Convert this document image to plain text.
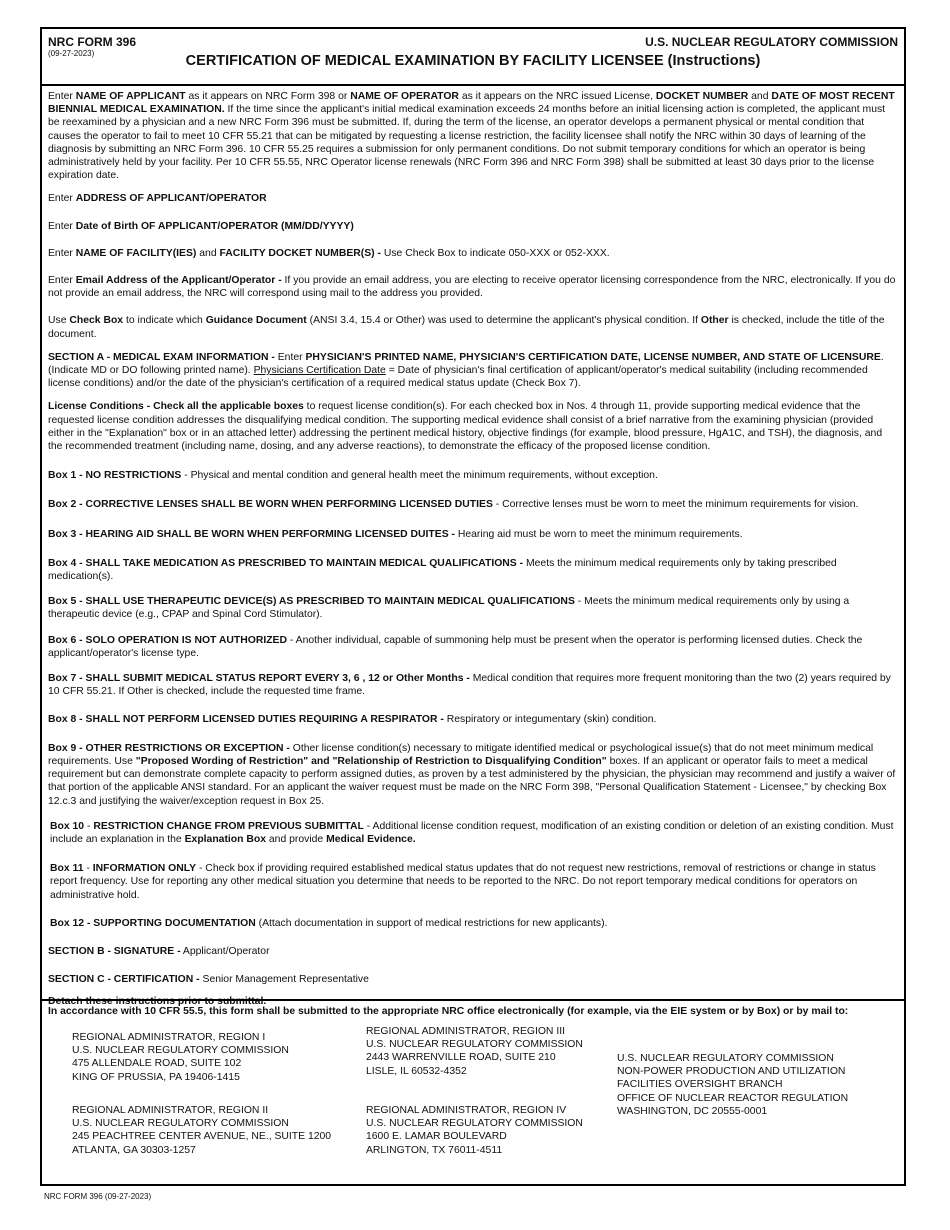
NRC FORM 396
(09-27-2023)
U.S. NUCLEAR REGULATORY COMMISSION
CERTIFICATION OF MEDICAL EXAMINATION BY FACILITY LICENSEE (Instructions)

Enter NAME OF APPLICANT as it appears on NRC Form 398 or NAME OF OPERATOR as it appears on the NRC issued License, DOCKET NUMBER and DATE OF MOST RECENT BIENNIAL MEDICAL EXAMINATION. If the time since the applicant's initial medical examination exceeds 24 months before an initial licensing action is completed, the applicant must be reexamined by a physician and a new NRC Form 396 must be submitted. If, during the term of the license, an operator develops a permanent physical or mental condition that causes the operator to fail to meet 10 CFR 55.21 that can be mitigated by requesting a license restriction, the facility licensee shall notify the NRC within 30 days of learning of the diagnosis by submitting an NRC Form 396. 10 CFR 55.25 requires a submission for only permanent conditions. Do not submit temporary conditions for which an operator is being administratively held by your facility. Per 10 CFR 55.55, NRC Operator license renewals (NRC Form 396 and NRC Form 398) shall be submitted at least 30 days prior to the license expiration date.

Enter ADDRESS OF APPLICANT/OPERATOR

Enter Date of Birth OF APPLICANT/OPERATOR (MM/DD/YYYY)

Enter NAME OF FACILITY(IES) and FACILITY DOCKET NUMBER(S) - Use Check Box to indicate 050-XXX or 052-XXX.

Enter Email Address of the Applicant/Operator - If you provide an email address, you are electing to receive operator licensing correspondence from the NRC, electronically. If you do not provide an email address, the NRC will correspond using mail to the address you provided.

Use Check Box to indicate which Guidance Document (ANSI 3.4, 15.4 or Other) was used to determine the applicant's physical condition. If Other is checked, include the title of the document.

SECTION A - MEDICAL EXAM INFORMATION - Enter PHYSICIAN'S PRINTED NAME, PHYSICIAN'S CERTIFICATION DATE, LICENSE NUMBER, AND STATE OF LICENSURE. (Indicate MD or DO following printed name). Physicians Certification Date = Date of physician's final certification of applicant/operator's medical suitability (including recommended license conditions) and/or the date of the physician's certification of a required medical status update (Check Box 7).

License Conditions - Check all the applicable boxes to request license condition(s). For each checked box in Nos. 4 through 11, provide supporting medical evidence that the requested license condition addresses the disqualifying medical condition. The supporting medical evidence shall consist of a brief narrative from the examining physician (provided either in the "Explanation" box or in an attached letter) addressing the pertinent medical history, objective findings (for example, blood pressure, HgA1C, and TSH), the diagnosis, and the recommended treatment (including name, dosing, and any adverse reactions), to demonstrate the efficacy of the proposed license condition.

Box 1 - NO RESTRICTIONS - Physical and mental condition and general health meet the minimum requirements, without exception.

Box 2 - CORRECTIVE LENSES SHALL BE WORN WHEN PERFORMING LICENSED DUTIES - Corrective lenses must be worn to meet the minimum requirements for vision.

Box 3 - HEARING AID SHALL BE WORN WHEN PERFORMING LICENSED DUITES - Hearing aid must be worn to meet the minimum requirements.

Box 4 - SHALL TAKE MEDICATION AS PRESCRIBED TO MAINTAIN MEDICAL QUALIFICATIONS - Meets the minimum medical requirements only by taking prescribed medication(s).

Box 5 - SHALL USE THERAPEUTIC DEVICE(S) AS PRESCRIBED TO MAINTAIN MEDICAL QUALIFICATIONS - Meets the minimum medical requirements only by using a therapeutic device (e.g., CPAP and Spinal Cord Stimulator).

Box 6 - SOLO OPERATION IS NOT AUTHORIZED - Another individual, capable of summoning help must be present when the operator is performing licensed duties. Check the applicant/operator's license type.

Box 7 - SHALL SUBMIT MEDICAL STATUS REPORT EVERY 3, 6 , 12 or Other Months - Medical condition that requires more frequent monitoring than the two (2) years required by 10 CFR 55.21. If Other is checked, include the requested time frame.

Box 8 - SHALL NOT PERFORM LICENSED DUTIES REQUIRING A RESPIRATOR - Respiratory or integumentary (skin) condition.

Box 9 - OTHER RESTRICTIONS OR EXCEPTION - Other license condition(s) necessary to mitigate identified medical or psychological issue(s) that do not meet minimum medical requirements. Use "Proposed Wording of Restriction" and "Relationship of Restriction to Disqualifying Condition" boxes. If an applicant or operator fails to meet a medical requirement but can demonstrate complete capacity to perform assigned duties, as proven by a test administered by the physician, the physician may recommend and justify a waiver of that portion of the applicable ANSI standard. For an applicant the waiver request must be made on the NRC Form 398, "Personal Qualification Statement - Licensee," by checking Box 12.c.3 and justifying the waiver/exception request in Box 25.

Box 10 - RESTRICTION CHANGE FROM PREVIOUS SUBMITTAL - Additional license condition request, modification of an existing condition or deletion of an existing condition. Must include an explanation in the Explanation Box and provide Medical Evidence.

Box 11 - INFORMATION ONLY - Check box if providing required established medical status updates that do not request new restrictions, removal of restrictions or change in status report frequency. Use for reporting any other medical situation you determine that needs to be reported to the NRC. Do not report temporary medical conditions for operators on administrative hold.

Box 12 - SUPPORTING DOCUMENTATION (Attach documentation in support of medical restrictions for new applicants).

SECTION B - SIGNATURE - Applicant/Operator

SECTION C - CERTIFICATION - Senior Management Representative

Detach these instructions prior to submittal.

In accordance with 10 CFR 55.5, this form shall be submitted to the appropriate NRC office electronically (for example, via the EIE system or by Box) or by mail to:
REGIONAL ADMINISTRATOR, REGION I
U.S. NUCLEAR REGULATORY COMMISSION
475 ALLENDALE ROAD, SUITE 102
KING OF PRUSSIA, PA 19406-1415
REGIONAL ADMINISTRATOR, REGION II
U.S. NUCLEAR REGULATORY COMMISSION
245 PEACHTREE CENTER AVENUE, NE., SUITE 1200
ATLANTA, GA 30303-1257
REGIONAL ADMINISTRATOR, REGION III
U.S. NUCLEAR REGULATORY COMMISSION
2443 WARRENVILLE ROAD, SUITE 210
LISLE, IL 60532-4352
REGIONAL ADMINISTRATOR, REGION IV
U.S. NUCLEAR REGULATORY COMMISSION
1600 E. LAMAR BOULEVARD
ARLINGTON, TX 76011-4511
U.S. NUCLEAR REGULATORY COMMISSION
NON-POWER PRODUCTION AND UTILIZATION
FACILITIES OVERSIGHT BRANCH
OFFICE OF NUCLEAR REACTOR REGULATION
WASHINGTON, DC 20555-0001
NRC FORM 396 (09-27-2023)
